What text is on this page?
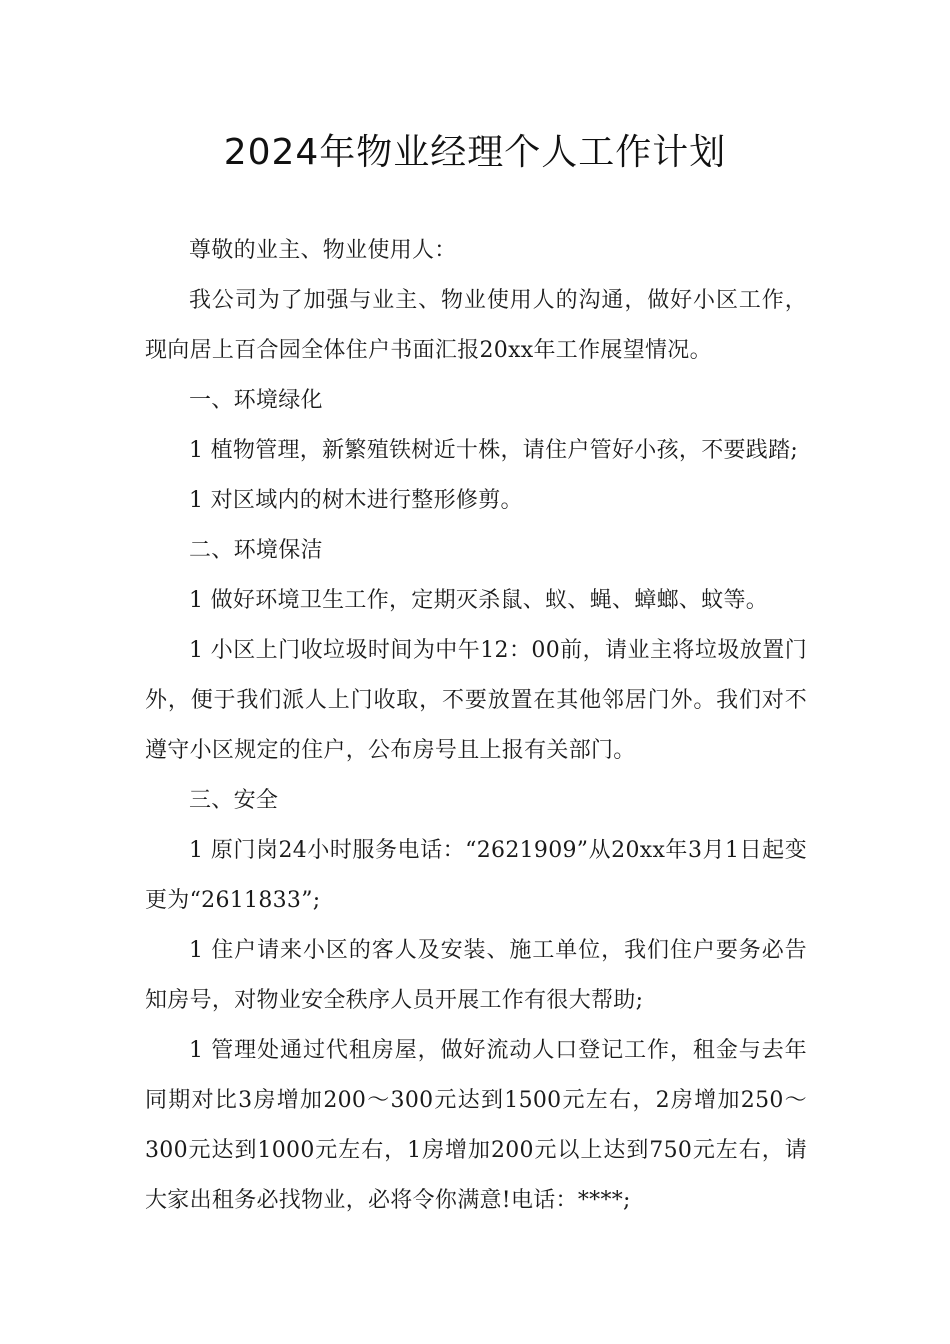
2024年物业经理个人工作计划

尊敬的业主、物业使用人：

我公司为了加强与业主、物业使用人的沟通，做好小区工作，现向居上百合园全体住户书面汇报20xx年工作展望情况。

一、环境绿化

1 植物管理，新繁殖铁树近十株，请住户管好小孩，不要践踏;

1 对区域内的树木进行整形修剪。

二、环境保洁

1 做好环境卫生工作，定期灭杀鼠、蚁、蝇、蟑螂、蚊等。

1 小区上门收垃圾时间为中午12：00前，请业主将垃圾放置门外，便于我们派人上门收取，不要放置在其他邻居门外。我们对不遵守小区规定的住户，公布房号且上报有关部门。

三、安全

1 原门岗24小时服务电话：“2621909”从20xx年3月1日起变更为“2611833”;

1 住户请来小区的客人及安装、施工单位，我们住户要务必告知房号，对物业安全秩序人员开展工作有很大帮助;

1 管理处通过代租房屋，做好流动人口登记工作，租金与去年同期对比3房增加200～300元达到1500元左右，2房增加250～300元达到1000元左右，1房增加200元以上达到750元左右，请大家出租务必找物业，必将令你满意!电话：****;
